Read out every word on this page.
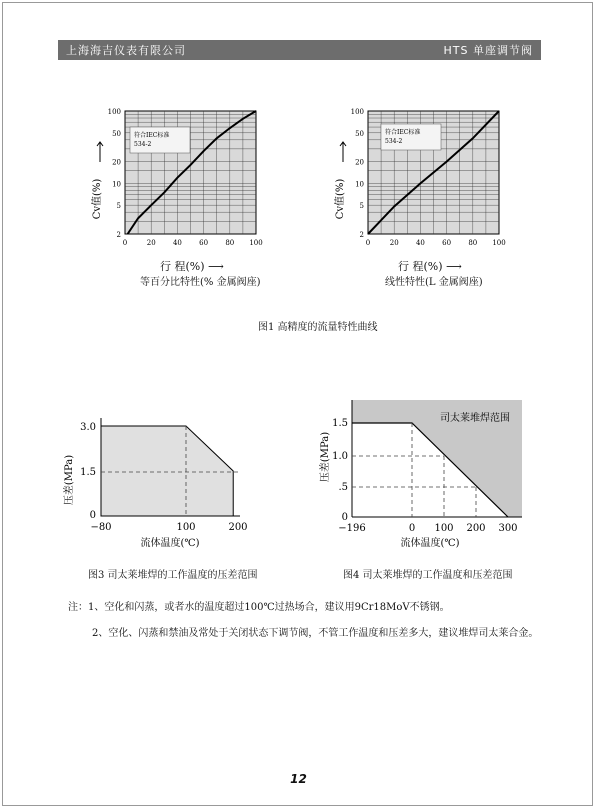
上海海吉仪表有限公司	HTS 单座调节阀
符合IEC标准
534-2
0	20 40 60 80 100
2
5
10
20
50
100
Cv值(%)
行 程(%) ⟶
等百分比特性(% 金属阀座)
符合IEC标准
534-2
0	20 40 60 80 100
2
5
10
20
50
100
Cv值(%)
行 程(%) ⟶
线性特性(L 金属阀座)
图1 高精度的流量特性曲线
3.0
1.5
0
−80	100	200
压差(MPa)
流体温度(℃)
图3 司太莱堆焊的工作温度的压差范围
司太莱堆焊范围
1.5
1.0
.5
0
−196	0 100 200 300
压差(MPa)
流体温度(℃)
图4 司太莱堆焊的工作温度和压差范围
注：1、空化和闪蒸，或者水的温度超过100℃过热场合，建议用9Cr18MoV不锈钢。
2、空化、闪蒸和禁油及常处于关闭状态下调节阀，不管工作温度和压差多大，建议堆焊司太莱合金。
12
